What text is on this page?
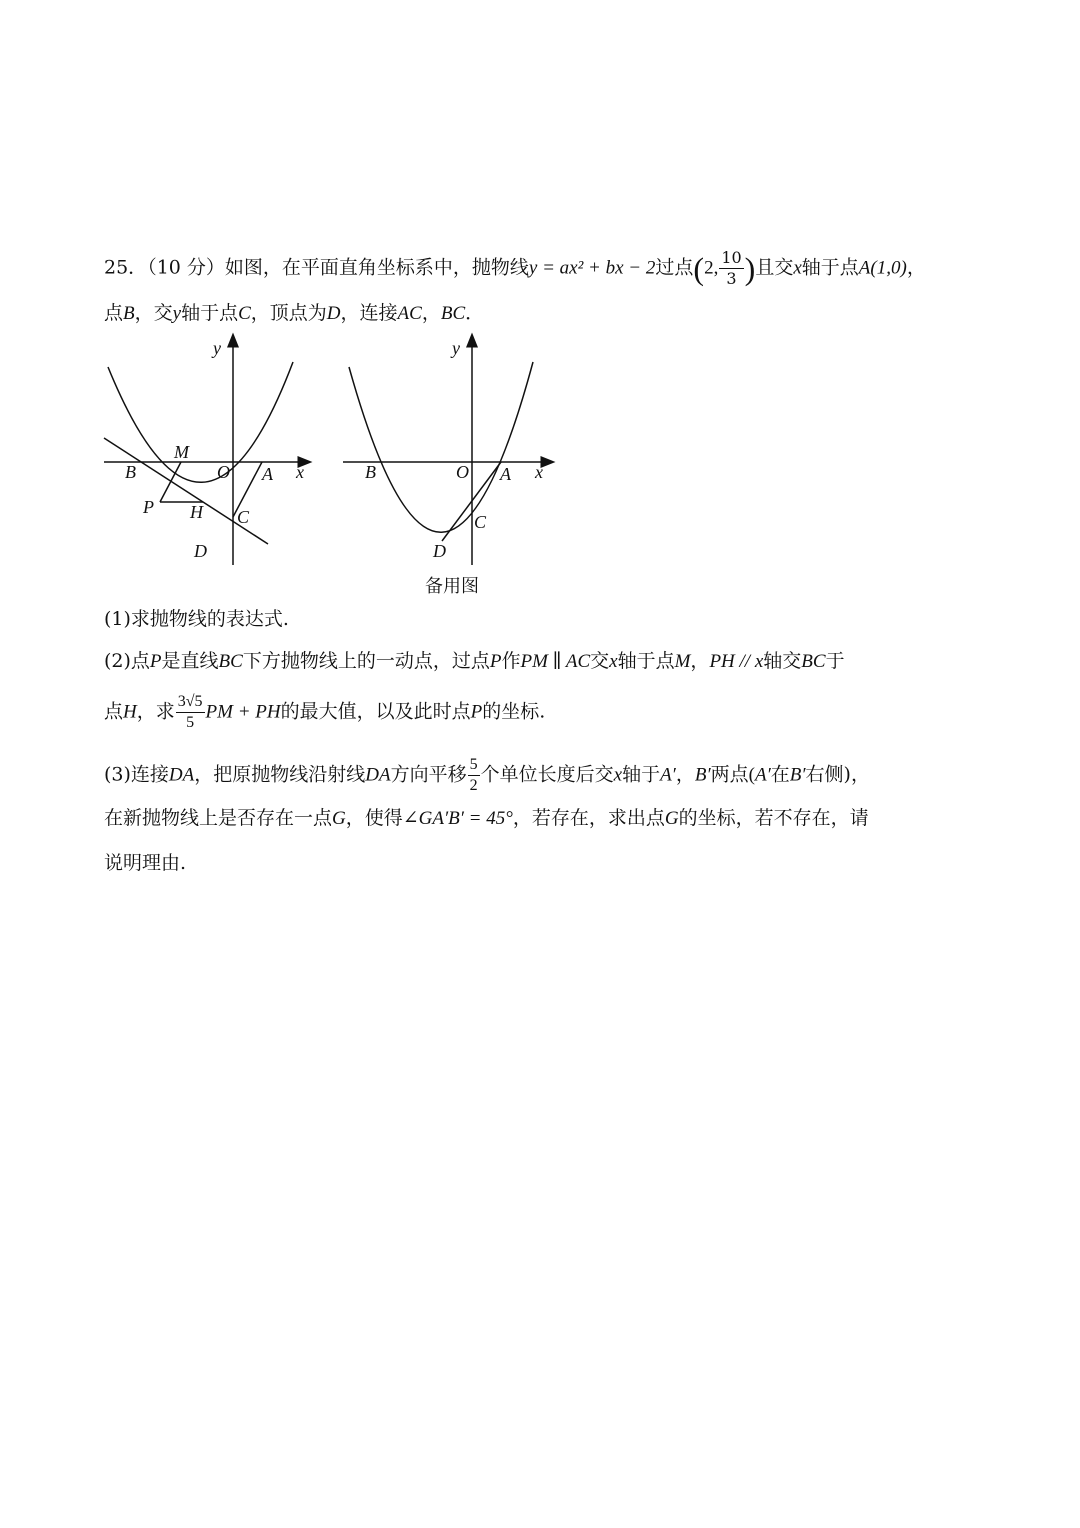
25．（10 分）如图，在平面直角坐标系中，抛物线y = ax² + bx − 2过点(2, $\frac{10}{3}$ )且交x轴于点A(1,0)，
点B，交y轴于点C，顶点为D，连接AC，BC．
y
x
O A
B
M
P H C
D
y
x
O A
B
C
D
备用图
(1)求抛物线的表达式.
(2)点P是直线BC下方抛物线上的一动点，过点P作PM ∥ AC交x轴于点M，PH // x轴交BC于
点H，求 $\frac{3√5}{5}$ PM + PH的最大值，以及此时点P的坐标.
(3)连接DA，把原抛物线沿射线DA方向平移 $\frac{5}{2}$ 个单位长度后交x轴于A′，B′两点(A′在B′右侧)，
在新抛物线上是否存在一点G，使得∠GA′B′ = 45°，若存在，求出点G的坐标，若不存在，请
说明理由.
